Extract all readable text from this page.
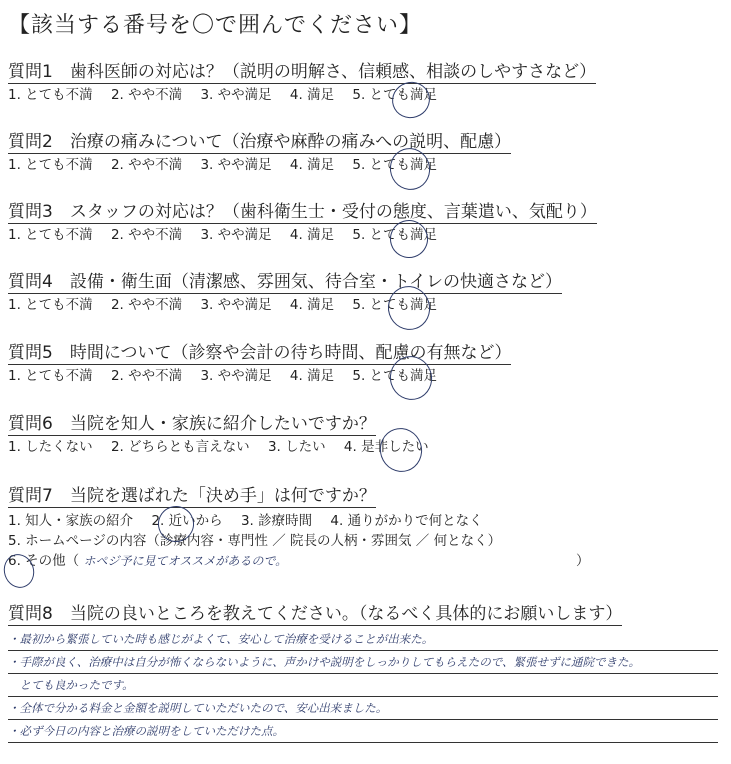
【該当する番号を〇で囲んでください】
質問1　歯科医師の対応は？（説明の明解さ、信頼感、相談のしやすさなど）
1. とても不満 2. やや不満 3. やや満足 4. 満足 5. とても満足
質問2　治療の痛みについて（治療や麻酔の痛みへの説明、配慮）
1. とても不満 2. やや不満 3. やや満足 4. 満足 5. とても満足
質問3　スタッフの対応は？（歯科衛生士・受付の態度、言葉遣い、気配り）
1. とても不満 2. やや不満 3. やや満足 4. 満足 5. とても満足
質問4　設備・衛生面（清潔感、雰囲気、待合室・トイレの快適さなど）
1. とても不満 2. やや不満 3. やや満足 4. 満足 5. とても満足
質問5　時間について（診察や会計の待ち時間、配慮の有無など）
1. とても不満 2. やや不満 3. やや満足 4. 満足 5. とても満足
質問6　当院を知人・家族に紹介したいですか？
1. したくない 2. どちらとも言えない 3. したい 4. 是非したい
質問7　当院を選ばれた「決め手」は何ですか？
1. 知人・家族の紹介 2. 近いから 3. 診療時間 4. 通りがかりで何となく
5. ホームページの内容（診療内容・専門性 ／ 院長の人柄・雰囲気 ／ 何となく）
6. その他（ ホペジ予に見てオススメがあるので。	）
質問8　当院の良いところを教えてください。（なるべく具体的にお願いします）
・最初から緊張していた時も感じがよくて、安心して治療を受けることが出来た。
・手際が良く、治療中は自分が怖くならないように、声かけや説明をしっかりしてもらえたので、緊張せずに通院できた。
　とても良かったです。
・全体で分かる料金と金額を説明していただいたので、安心出来ました。
・必ず今日の内容と治療の説明をしていただけた点。
